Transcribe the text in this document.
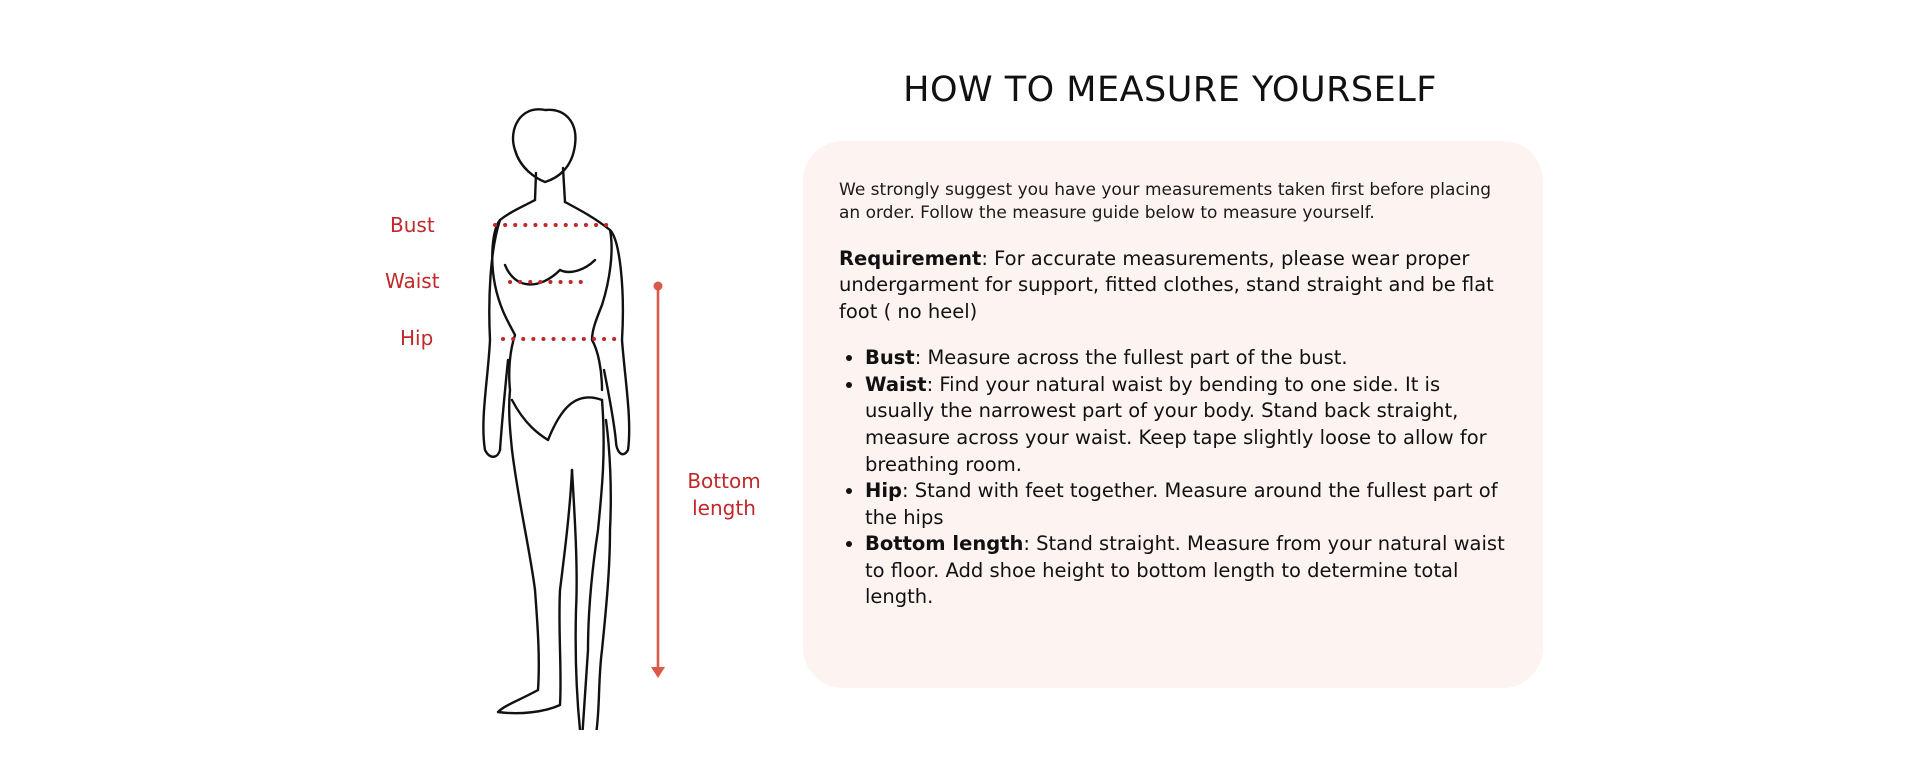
Bust
Waist
Hip
Bottom length
HOW TO MEASURE YOURSELF

We strongly suggest you have your measurements taken first before placing an order. Follow the measure guide below to measure yourself.

Requirement: For accurate measurements, please wear proper undergarment for support, fitted clothes, stand straight and be flat foot ( no heel)

• Bust: Measure across the fullest part of the bust.
• Waist: Find your natural waist by bending to one side. It is usually the narrowest part of your body. Stand back straight, measure across your waist. Keep tape slightly loose to allow for breathing room.
• Hip: Stand with feet together. Measure around the fullest part of the hips
• Bottom length: Stand straight. Measure from your natural waist to floor. Add shoe height to bottom length to determine total length.
